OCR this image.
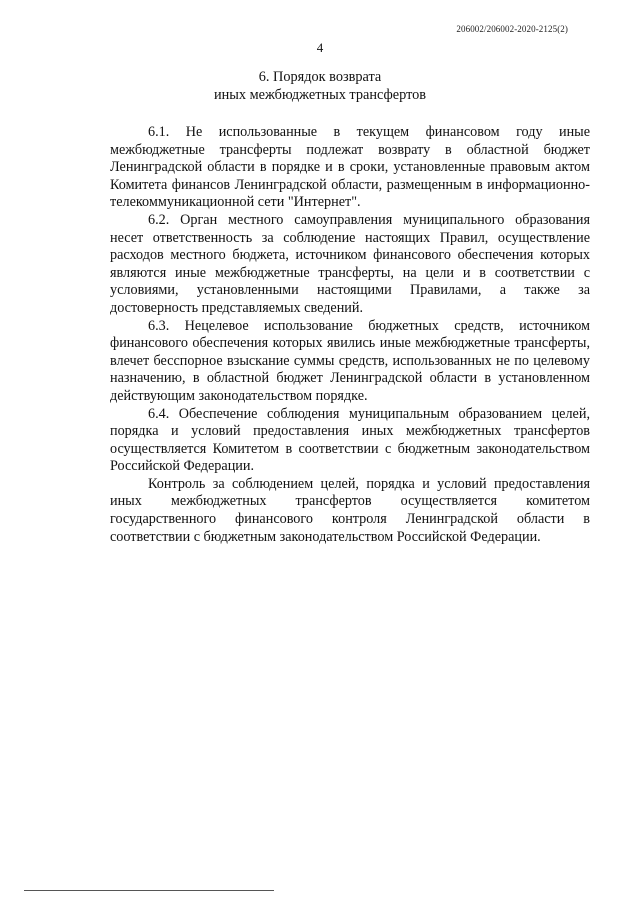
206002/206002-2020-2125(2)
4
6. Порядок возврата
иных межбюджетных трансфертов

6.1. Не использованные в текущем финансовом году иные межбюджетные трансферты подлежат возврату в областной бюджет Ленинградской области в порядке и в сроки, установленные правовым актом Комитета финансов Ленинградской области, размещенным в информационно-телекоммуникационной сети "Интернет".

6.2. Орган местного самоуправления муниципального образования несет ответственность за соблюдение настоящих Правил, осуществление расходов местного бюджета, источником финансового обеспечения которых являются иные межбюджетные трансферты, на цели и в соответствии с условиями, установленными настоящими Правилами, а также за достоверность представляемых сведений.

6.3. Нецелевое использование бюджетных средств, источником финансового обеспечения которых явились иные межбюджетные трансферты, влечет бесспорное взыскание суммы средств, использованных не по целевому назначению, в областной бюджет Ленинградской области в установленном действующим законодательством порядке.

6.4. Обеспечение соблюдения муниципальным образованием целей, порядка и условий предоставления иных межбюджетных трансфертов осуществляется Комитетом в соответствии с бюджетным законодательством Российской Федерации.

Контроль за соблюдением целей, порядка и условий предоставления иных межбюджетных трансфертов осуществляется комитетом государственного финансового контроля Ленинградской области в соответствии с бюджетным законодательством Российской Федерации.
